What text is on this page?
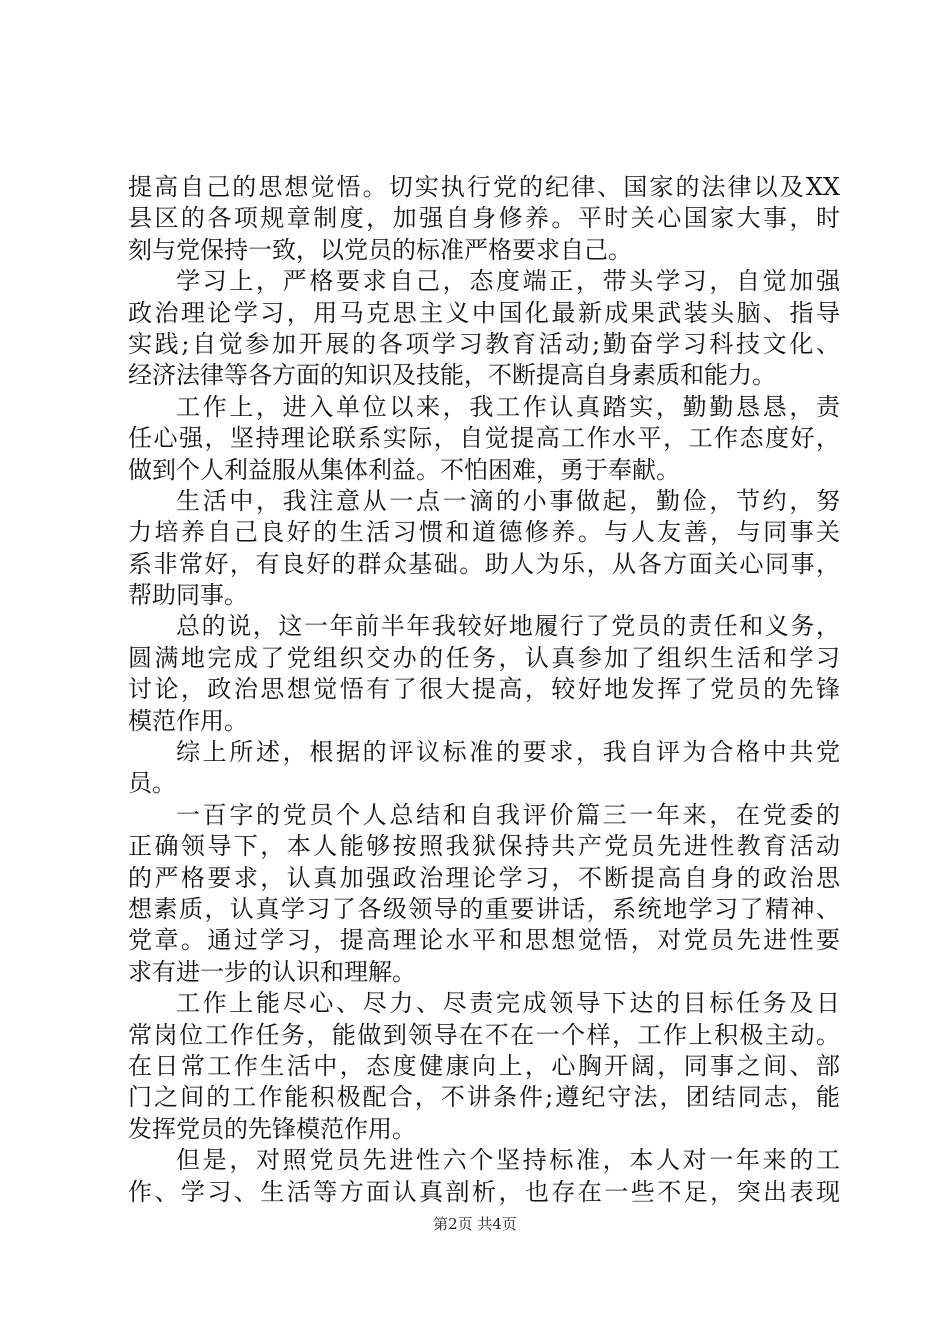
提高自己的思想觉悟。切实执行党的纪律、国家的法律以及XX
县区的各项规章制度，加强自身修养。平时关心国家大事，时
刻与党保持一致，以党员的标准严格要求自己。
学习上，严格要求自己，态度端正，带头学习，自觉加强
政治理论学习，用马克思主义中国化最新成果武装头脑、指导
实践;自觉参加开展的各项学习教育活动;勤奋学习科技文化、
经济法律等各方面的知识及技能，不断提高自身素质和能力。
工作上，进入单位以来，我工作认真踏实，勤勤恳恳，责
任心强，坚持理论联系实际，自觉提高工作水平，工作态度好，
做到个人利益服从集体利益。不怕困难，勇于奉献。
生活中，我注意从一点一滴的小事做起，勤俭，节约，努
力培养自己良好的生活习惯和道德修养。与人友善，与同事关
系非常好，有良好的群众基础。助人为乐，从各方面关心同事，
帮助同事。
总的说，这一年前半年我较好地履行了党员的责任和义务，
圆满地完成了党组织交办的任务，认真参加了组织生活和学习
讨论，政治思想觉悟有了很大提高，较好地发挥了党员的先锋
模范作用。
综上所述，根据的评议标准的要求，我自评为合格中共党
员。
一百字的党员个人总结和自我评价篇三一年来，在党委的
正确领导下，本人能够按照我狱保持共产党员先进性教育活动
的严格要求，认真加强政治理论学习，不断提高自身的政治思
想素质，认真学习了各级领导的重要讲话，系统地学习了精神、
党章。通过学习，提高理论水平和思想觉悟，对党员先进性要
求有进一步的认识和理解。
工作上能尽心、尽力、尽责完成领导下达的目标任务及日
常岗位工作任务，能做到领导在不在一个样，工作上积极主动。
在日常工作生活中，态度健康向上，心胸开阔，同事之间、部
门之间的工作能积极配合，不讲条件;遵纪守法，团结同志，能
发挥党员的先锋模范作用。
但是，对照党员先进性六个坚持标准，本人对一年来的工
作、学习、生活等方面认真剖析，也存在一些不足，突出表现
第2页 共4页
